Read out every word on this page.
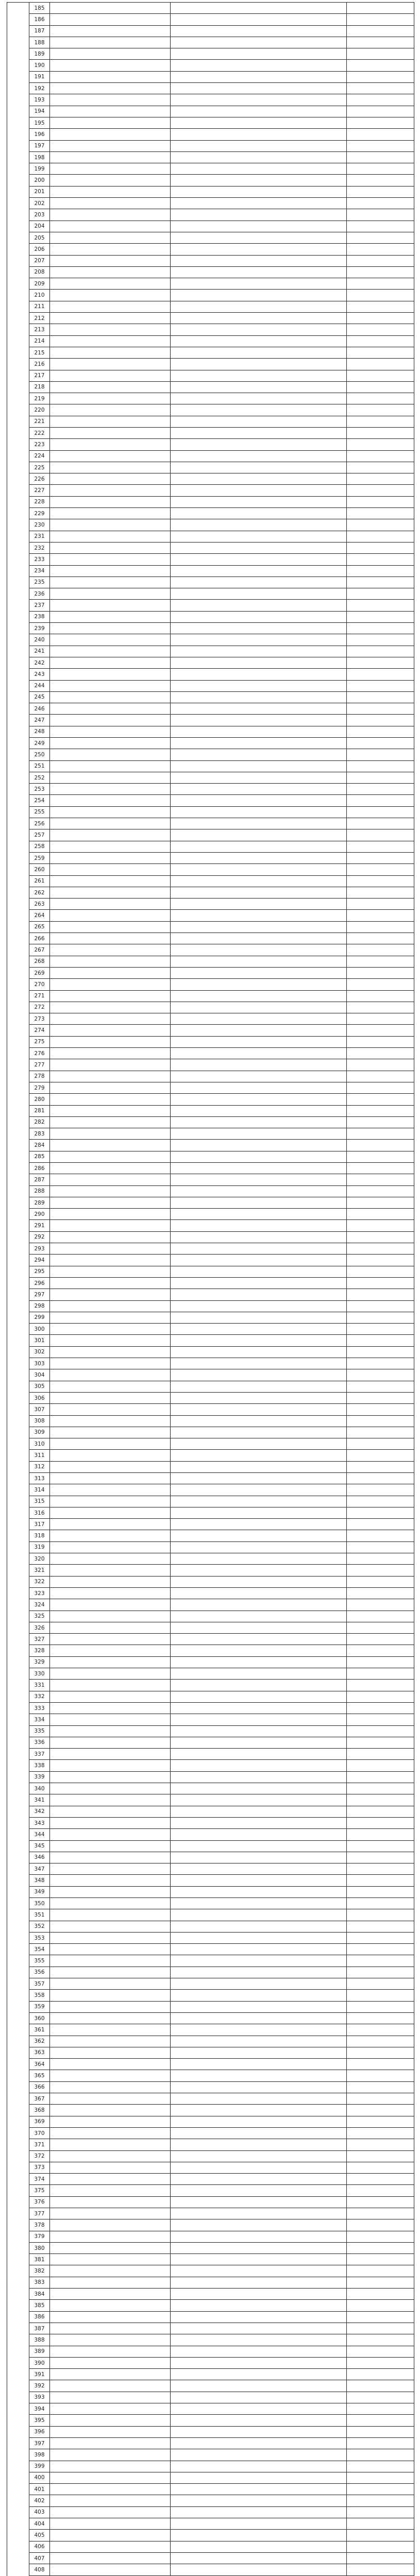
	185			
	186			
	187			
	188			
	189			
	190			
	191			
	192			
	193			
	194			
	195			
	196			
	197			
	198			
	199			
	200			
	201			
	202			
	203			
	204			
	205			
	206			
	207			
	208			
	209			
	210			
	211			
	212			
	213			
	214			
	215			
	216			
	217			
	218			
	219			
	220			
	221			
	222			
	223			
	224			
	225			
	226			
	227			
	228			
	229			
	230			
	231			
	232			
	233			
	234			
	235			
	236			
	237			
	238			
	239			
	240			
	241			
	242			
	243			
	244			
	245			
	246			
	247			
	248			
	249			
	250			
	251			
	252			
	253			
	254			
	255			
	256			
	257			
	258			
	259			
	260			
	261			
	262			
	263			
	264			
	265			
	266			
	267			
	268			
	269			
	270			
	271			
	272			
	273			
	274			
	275			
	276			
	277			
	278			
	279			
	280			
	281			
	282			
	283			
	284			
	285			
	286			
	287			
	288			
	289			
	290			
	291			
	292			
	293			
	294			
	295			
	296			
	297			
	298			
	299			
	300			
	301			
	302			
	303			
	304			
	305			
	306			
	307			
	308			
	309			
	310			
	311			
	312			
	313			
	314			
	315			
	316			
	317			
	318			
	319			
	320			
	321			
	322			
	323			
	324			
	325			
	326			
	327			
	328			
	329			
	330			
	331			
	332			
	333			
	334			
	335			
	336			
	337			
	338			
	339			
	340			
	341			
	342			
	343			
	344			
	345			
	346			
	347			
	348			
	349			
	350			
	351			
	352			
	353			
	354			
	355			
	356			
	357			
	358			
	359			
	360			
	361			
	362			
	363			
	364			
	365			
	366			
	367			
	368			
	369			
	370			
	371			
	372			
	373			
	374			
	375			
	376			
	377			
	378			
	379			
	380			
	381			
	382			
	383			
	384			
	385			
	386			
	387			
	388			
	389			
	390			
	391			
	392			
	393			
	394			
	395			
	396			
	397			
	398			
	399			
	400			
	401			
	402			
	403			
	404			
	405			
	406			
	407			
	408			
